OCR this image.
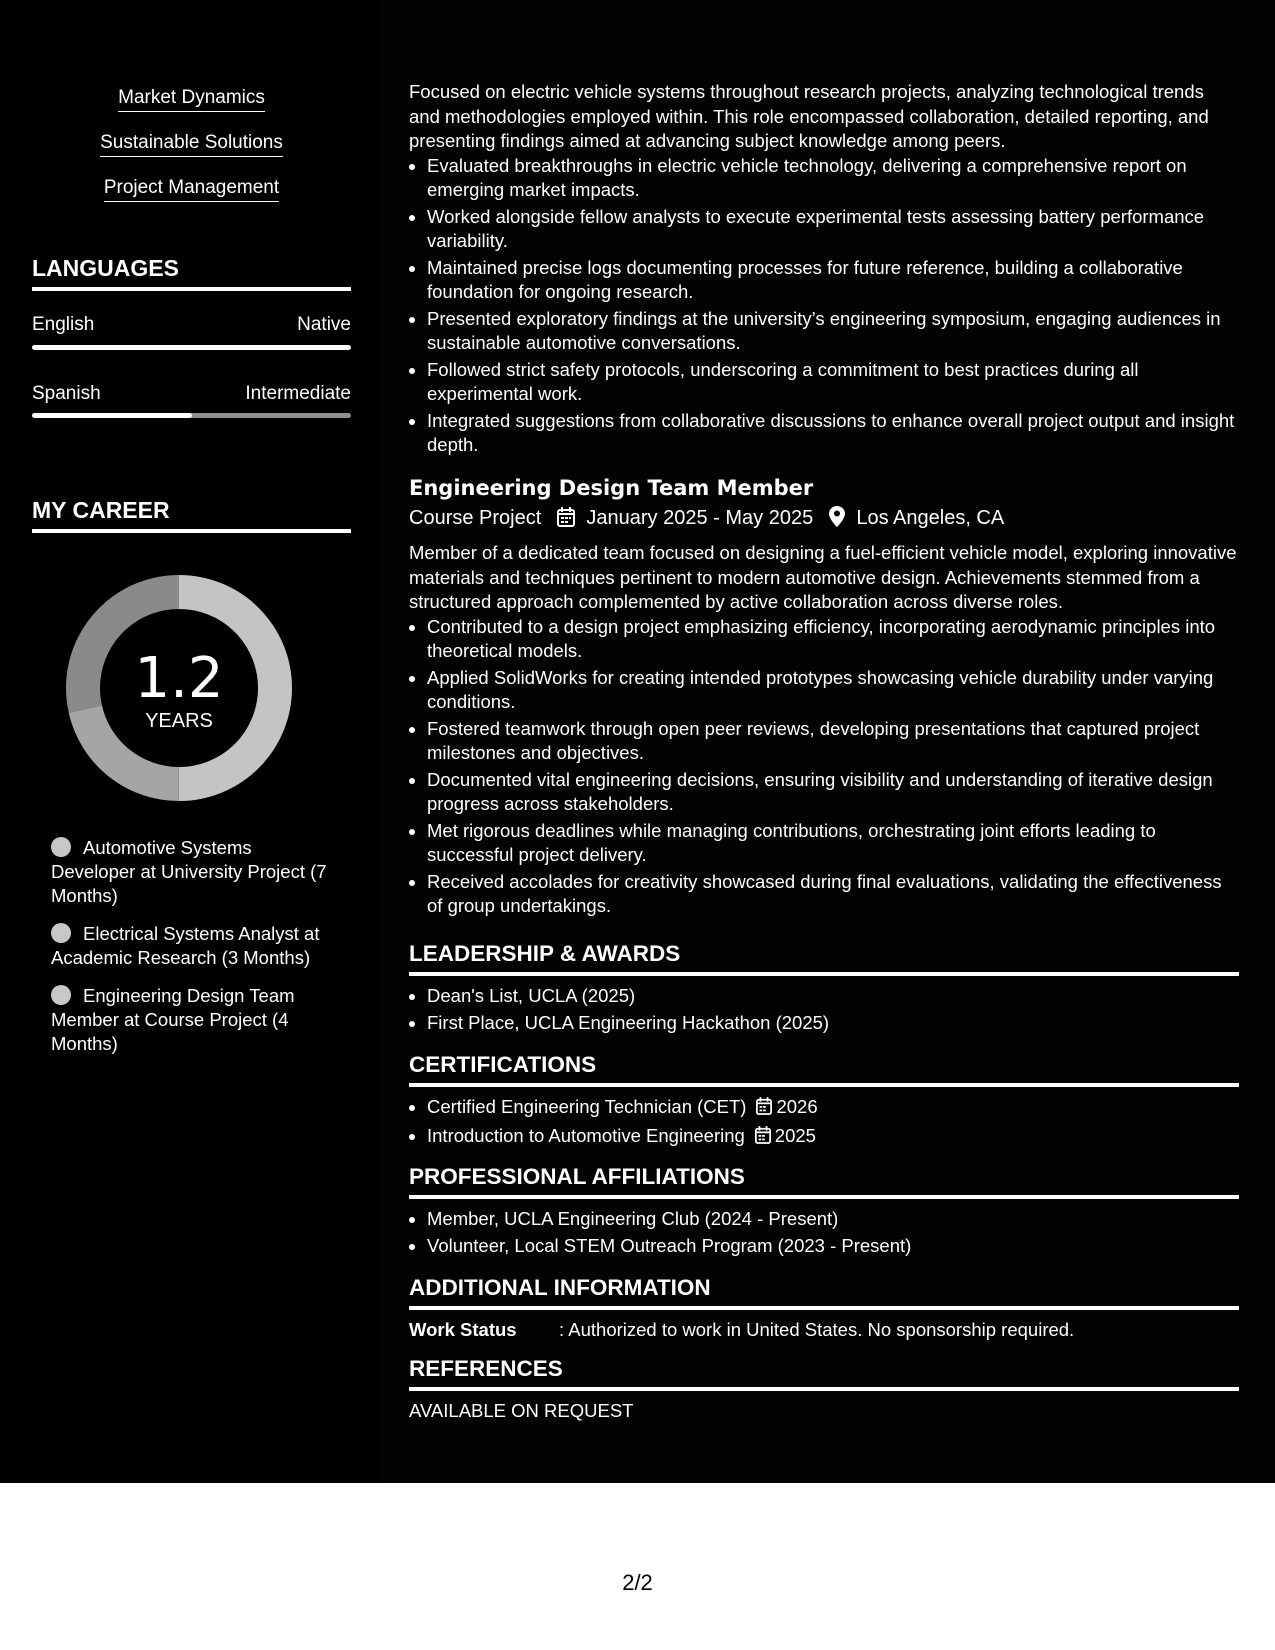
Market Dynamics
Sustainable Solutions
Project Management
LANGUAGES
English	Native
Spanish	Intermediate
MY CAREER
1.2
YEARS
Automotive Systems Developer at University Project (7 Months)
Electrical Systems Analyst at Academic Research (3 Months)
Engineering Design Team Member at Course Project (4 Months)

Focused on electric vehicle systems throughout research projects, analyzing technological trends and methodologies employed within. This role encompassed collaboration, detailed reporting, and presenting findings aimed at advancing subject knowledge among peers.

• Evaluated breakthroughs in electric vehicle technology, delivering a comprehensive report on emerging market impacts.
• Worked alongside fellow analysts to execute experimental tests assessing battery performance variability.
• Maintained precise logs documenting processes for future reference, building a collaborative foundation for ongoing research.
• Presented exploratory findings at the university’s engineering symposium, engaging audiences in sustainable automotive conversations.
• Followed strict safety protocols, underscoring a commitment to best practices during all experimental work.
• Integrated suggestions from collaborative discussions to enhance overall project output and insight depth.
Engineering Design Team Member
Course Project January 2025 - May 2025 Los Angeles, CA

Member of a dedicated team focused on designing a fuel-efficient vehicle model, exploring innovative materials and techniques pertinent to modern automotive design. Achievements stemmed from a structured approach complemented by active collaboration across diverse roles.

• Contributed to a design project emphasizing efficiency, incorporating aerodynamic principles into theoretical models.
• Applied SolidWorks for creating intended prototypes showcasing vehicle durability under varying conditions.
• Fostered teamwork through open peer reviews, developing presentations that captured project milestones and objectives.
• Documented vital engineering decisions, ensuring visibility and understanding of iterative design progress across stakeholders.
• Met rigorous deadlines while managing contributions, orchestrating joint efforts leading to successful project delivery.
• Received accolades for creativity showcased during final evaluations, validating the effectiveness of group undertakings.
LEADERSHIP & AWARDS
• Dean's List, UCLA (2025)
• First Place, UCLA Engineering Hackathon (2025)
CERTIFICATIONS
• Certified Engineering Technician (CET) 2026
• Introduction to Automotive Engineering 2025
PROFESSIONAL AFFILIATIONS
• Member, UCLA Engineering Club (2024 - Present)
• Volunteer, Local STEM Outreach Program (2023 - Present)
ADDITIONAL INFORMATION
Work Status : Authorized to work in United States. No sponsorship required.
REFERENCES
AVAILABLE ON REQUEST
2/2
